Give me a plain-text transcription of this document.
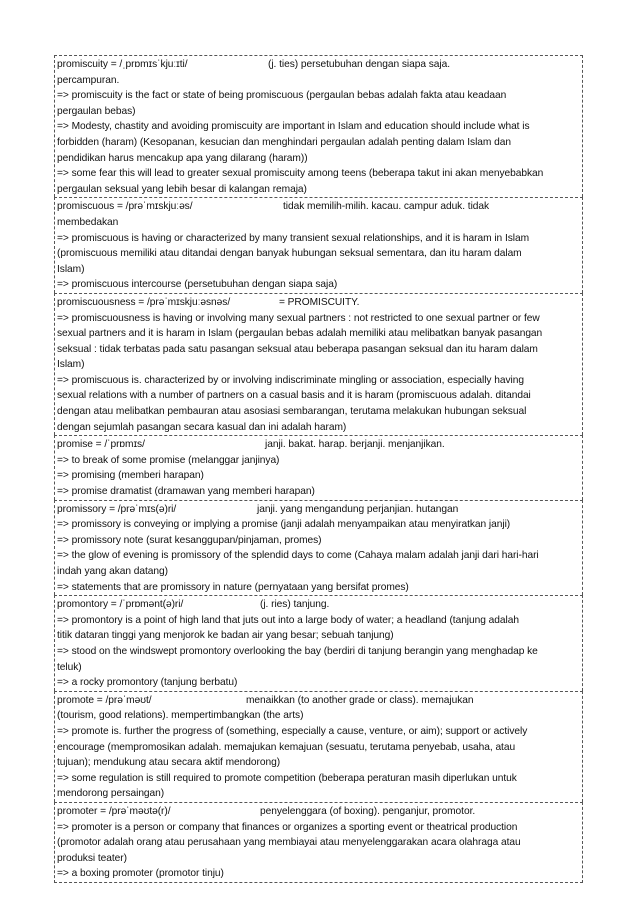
promiscuity = /ˌprɒmɪsˈkjuːɪti/	(j. ties) persetubuhan dengan siapa saja.
percampuran.
=> promiscuity is the fact or state of being promiscuous (pergaulan bebas adalah fakta atau keadaan
pergaulan bebas)
=> Modesty, chastity and avoiding promiscuity are important in Islam and education should include what is
forbidden (haram) (Kesopanan, kesucian dan menghindari pergaulan adalah penting dalam Islam dan
pendidikan harus mencakup apa yang dilarang (haram))
=> some fear this will lead to greater sexual promiscuity among teens (beberapa takut ini akan menyebabkan
pergaulan seksual yang lebih besar di kalangan remaja)
promiscuous = /prəˈmɪskjuːəs/	tidak memilih-milih. kacau. campur aduk. tidak
membedakan
=> promiscuous is having or characterized by many transient sexual relationships, and it is haram in Islam
(promiscuous memiliki atau ditandai dengan banyak hubungan seksual sementara, dan itu haram dalam
Islam)
=> promiscuous intercourse (persetubuhan dengan siapa saja)
promiscuousness = /prəˈmɪskjuːəsnəs/	= PROMISCUITY.
=> promiscuousness is having or involving many sexual partners : not restricted to one sexual partner or few
sexual partners and it is haram in Islam (pergaulan bebas adalah memiliki atau melibatkan banyak pasangan
seksual : tidak terbatas pada satu pasangan seksual atau beberapa pasangan seksual dan itu haram dalam
Islam)
=> promiscuous is. characterized by or involving indiscriminate mingling or association, especially having
sexual relations with a number of partners on a casual basis and it is haram (promiscuous adalah. ditandai
dengan atau melibatkan pembauran atau asosiasi sembarangan, terutama melakukan hubungan seksual
dengan sejumlah pasangan secara kasual dan ini adalah haram)
promise = /ˈprɒmɪs/	janji. bakat. harap. berjanji. menjanjikan.
=> to break of some promise (melanggar janjinya)
=> promising (memberi harapan)
=> promise dramatist (dramawan yang memberi harapan)
promissory = /prəˈmɪs(ə)ri/	janji. yang mengandung perjanjian. hutangan
=> promissory is conveying or implying a promise (janji adalah menyampaikan atau menyiratkan janji)
=> promissory note (surat kesanggupan/pinjaman, promes)
=> the glow of evening is promissory of the splendid days to come (Cahaya malam adalah janji dari hari-hari
indah yang akan datang)
=> statements that are promissory in nature (pernyataan yang bersifat promes)
promontory = /ˈprɒmənt(ə)ri/	(j. ries) tanjung.
=> promontory is a point of high land that juts out into a large body of water; a headland (tanjung adalah
titik dataran tinggi yang menjorok ke badan air yang besar; sebuah tanjung)
=> stood on the windswept promontory overlooking the bay (berdiri di tanjung berangin yang menghadap ke
teluk)
=> a rocky promontory (tanjung berbatu)
promote = /prəˈməʊt/	menaikkan (to another grade or class). memajukan
(tourism, good relations). mempertimbangkan (the arts)
=> promote is. further the progress of (something, especially a cause, venture, or aim); support or actively
encourage (mempromosikan adalah. memajukan kemajuan (sesuatu, terutama penyebab, usaha, atau
tujuan); mendukung atau secara aktif mendorong)
=> some regulation is still required to promote competition (beberapa peraturan masih diperlukan untuk
mendorong persaingan)
promoter = /prəˈməʊtə(r)/	penyelenggara (of boxing). penganjur, promotor.
=> promoter is a person or company that finances or organizes a sporting event or theatrical production
(promotor adalah orang atau perusahaan yang membiayai atau menyelenggarakan acara olahraga atau
produksi teater)
=> a boxing promoter (promotor tinju)
